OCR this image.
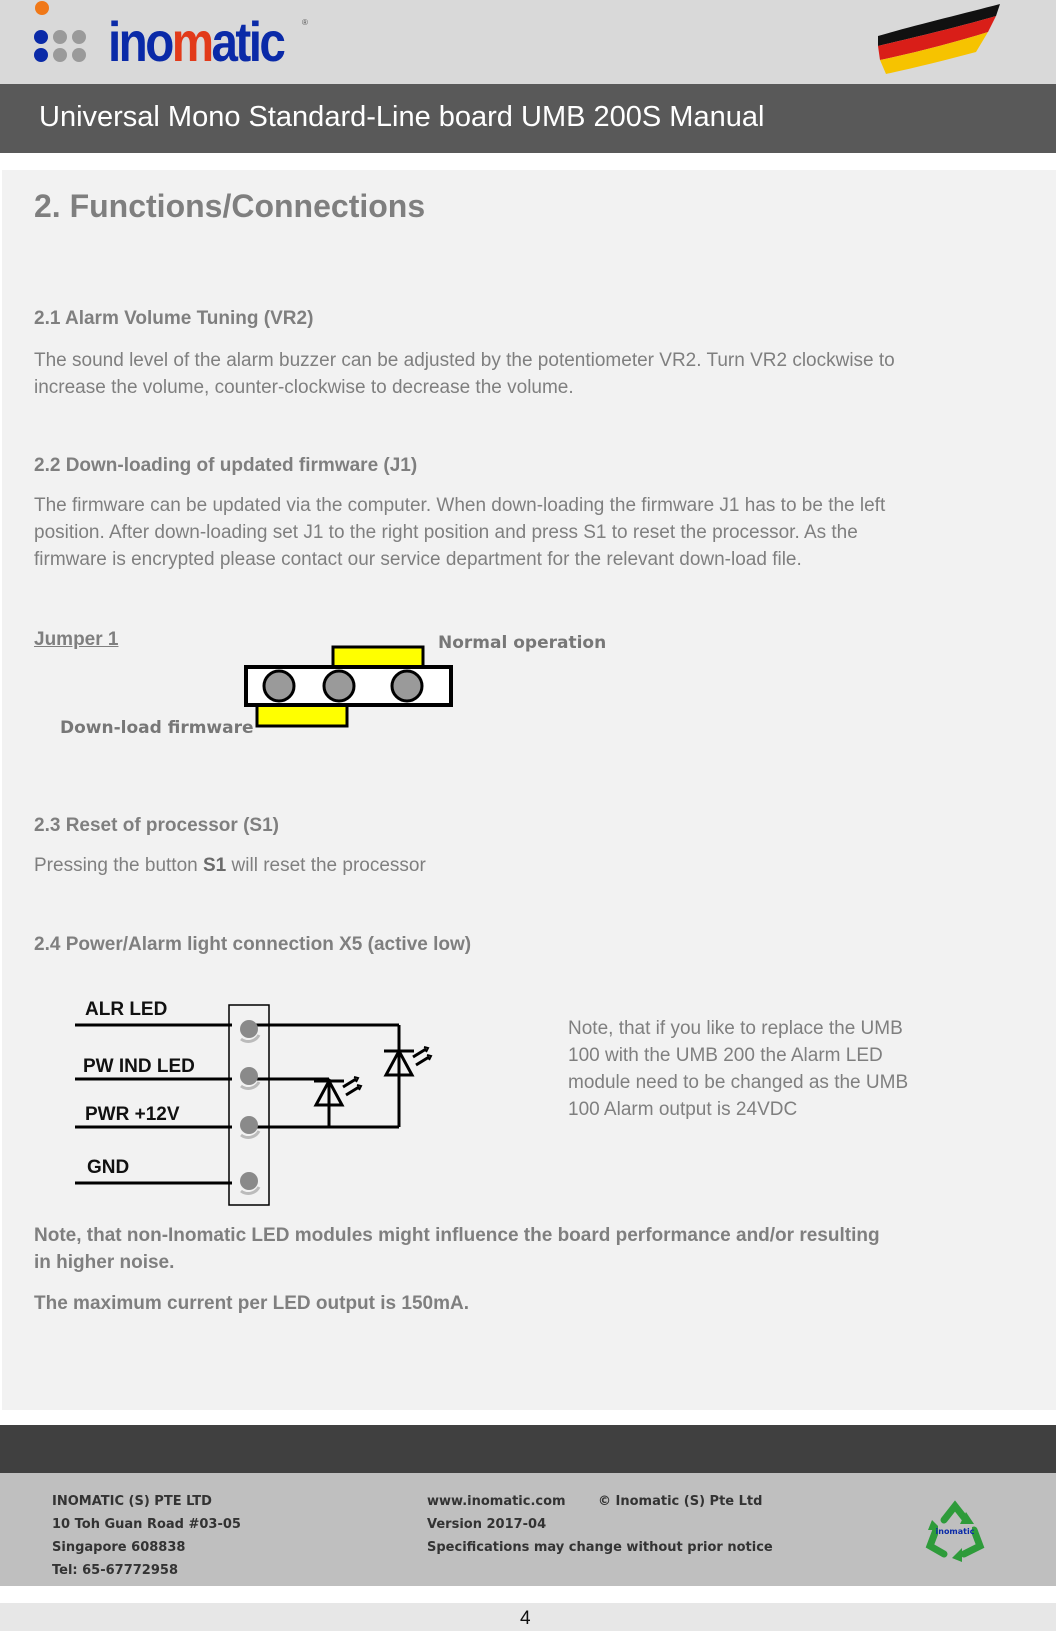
inomatic ®
Universal Mono Standard-Line board UMB 200S Manual
2. Functions/Connections
2.1 Alarm Volume Tuning (VR2)
The sound level of the alarm buzzer can be adjusted by the potentiometer VR2. Turn VR2 clockwise to
increase the volume, counter-clockwise to decrease the volume.
2.2 Down-loading of updated firmware (J1)
The firmware can be updated via the computer. When down-loading the firmware J1 has to be the left
position. After down-loading set J1 to the right position and press S1 to reset the processor. As the
firmware is encrypted please contact our service department for the relevant down-load file.
Jumper 1	Normal operation
Down-load firmware
2.3 Reset of processor (S1)
Pressing the button S1 will reset the processor
2.4 Power/Alarm light connection X5 (active low)
ALR LED
PW IND LED
PWR +12V
GND
Note, that if you like to replace the UMB
100 with the UMB 200 the Alarm LED
module need to be changed as the UMB
100 Alarm output is 24VDC
Note, that non-Inomatic LED modules might influence the board performance and/or resulting
in higher noise.
The maximum current per LED output is 150mA.
INOMATIC (S) PTE LTD
10 Toh Guan Road #03-05
Singapore 608838
Tel: 65-67772958
www.inomatic.com © Inomatic (S) Pte Ltd
Version 2017-04
Specifications may change without prior notice
inomatic
4
